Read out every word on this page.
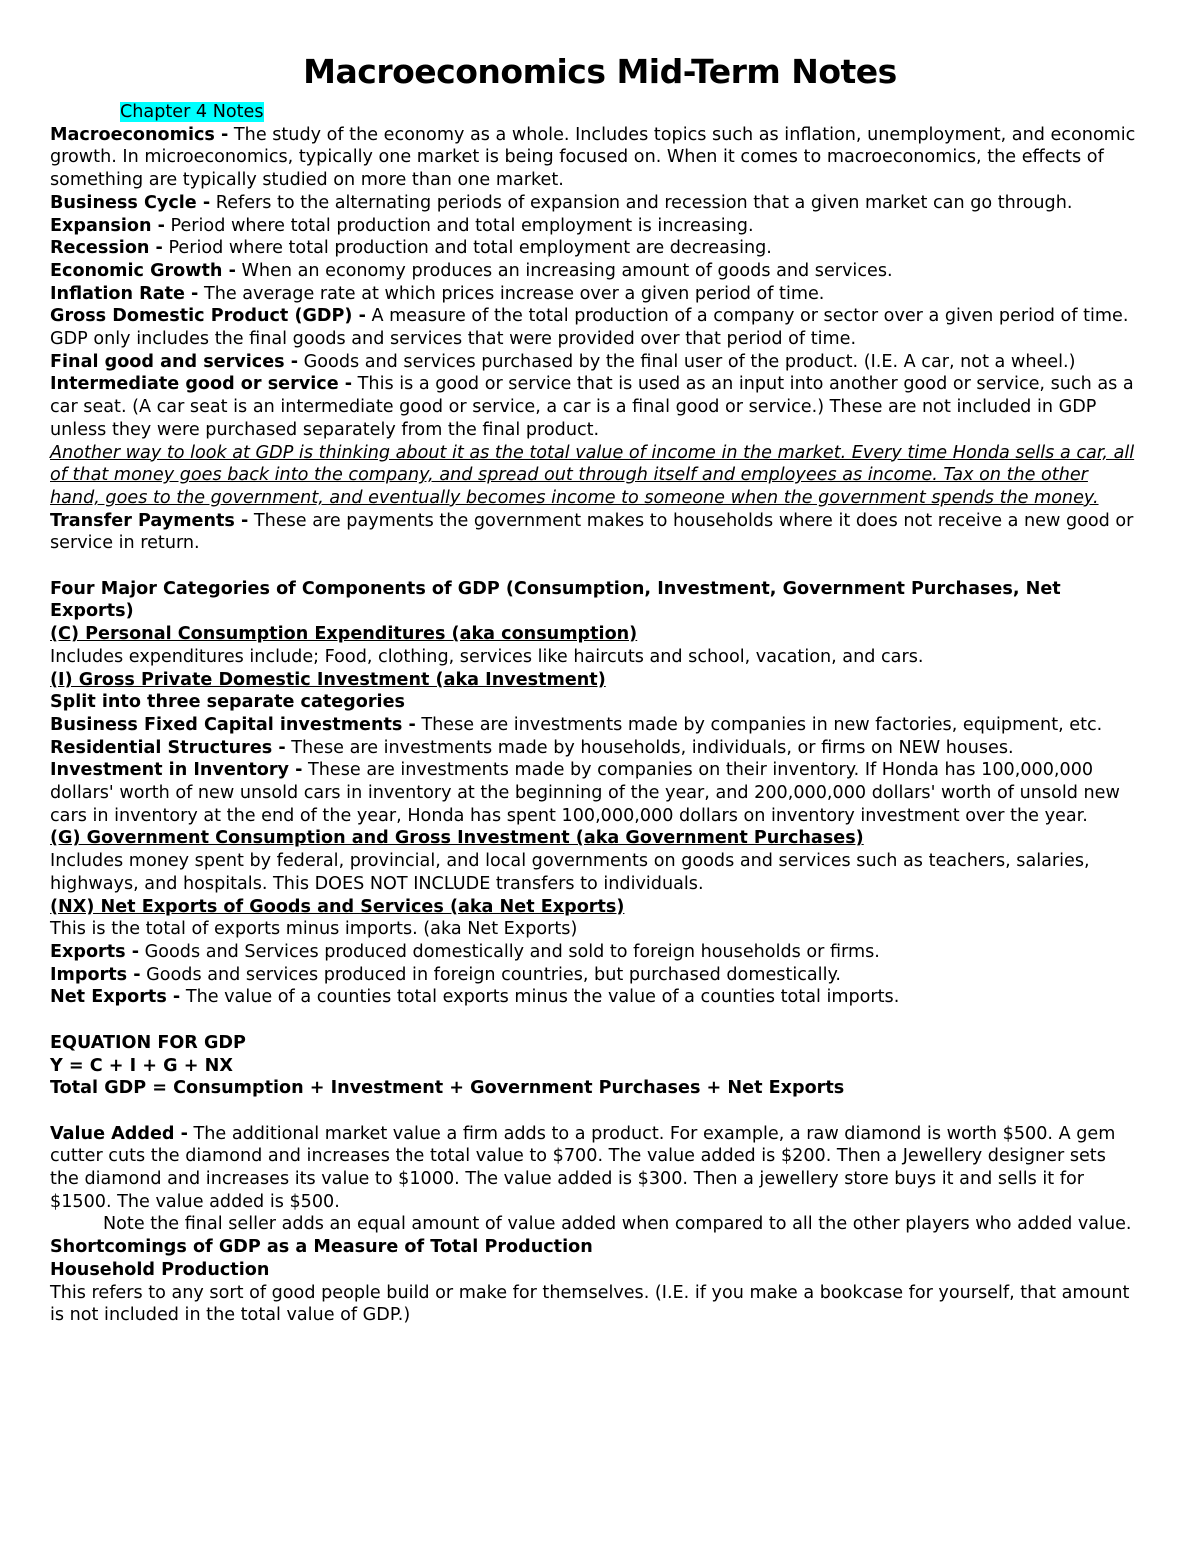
Macroeconomics Mid-Term Notes

Chapter 4 Notes

Macroeconomics - The study of the economy as a whole. Includes topics such as inflation, unemployment, and economic growth. In microeconomics, typically one market is being focused on. When it comes to macroeconomics, the effects of something are typically studied on more than one market.

Business Cycle - Refers to the alternating periods of expansion and recession that a given market can go through.

Expansion - Period where total production and total employment is increasing.

Recession - Period where total production and total employment are decreasing.

Economic Growth - When an economy produces an increasing amount of goods and services.

Inflation Rate - The average rate at which prices increase over a given period of time.

Gross Domestic Product (GDP) - A measure of the total production of a company or sector over a given period of time.

GDP only includes the final goods and services that were provided over that period of time.

Final good and services - Goods and services purchased by the final user of the product. (I.E. A car, not a wheel.)

Intermediate good or service - This is a good or service that is used as an input into another good or service, such as a car seat. (A car seat is an intermediate good or service, a car is a final good or service.) These are not included in GDP unless they were purchased separately from the final product.

Another way to look at GDP is thinking about it as the total value of income in the market. Every time Honda sells a car, all of that money goes back into the company, and spread out through itself and employees as income. Tax on the other hand, goes to the government, and eventually becomes income to someone when the government spends the money.

Transfer Payments - These are payments the government makes to households where it does not receive a new good or service in return.

Four Major Categories of Components of GDP (Consumption, Investment, Government Purchases, Net Exports)

(C) Personal Consumption Expenditures (aka consumption)

Includes expenditures include; Food, clothing, services like haircuts and school, vacation, and cars.

(I) Gross Private Domestic Investment (aka Investment)

Split into three separate categories

Business Fixed Capital investments - These are investments made by companies in new factories, equipment, etc.

Residential Structures - These are investments made by households, individuals, or firms on NEW houses.

Investment in Inventory - These are investments made by companies on their inventory. If Honda has 100,000,000 dollars' worth of new unsold cars in inventory at the beginning of the year, and 200,000,000 dollars' worth of unsold new cars in inventory at the end of the year, Honda has spent 100,000,000 dollars on inventory investment over the year.

(G) Government Consumption and Gross Investment (aka Government Purchases)

Includes money spent by federal, provincial, and local governments on goods and services such as teachers, salaries, highways, and hospitals. This DOES NOT INCLUDE transfers to individuals.

(NX) Net Exports of Goods and Services (aka Net Exports)

This is the total of exports minus imports. (aka Net Exports)

Exports - Goods and Services produced domestically and sold to foreign households or firms.

Imports - Goods and services produced in foreign countries, but purchased domestically.

Net Exports - The value of a counties total exports minus the value of a counties total imports.

EQUATION FOR GDP

Y = C + I + G + NX

Total GDP = Consumption + Investment + Government Purchases + Net Exports

Value Added - The additional market value a firm adds to a product. For example, a raw diamond is worth $500. A gem cutter cuts the diamond and increases the total value to $700. The value added is $200. Then a Jewellery designer sets the diamond and increases its value to $1000. The value added is $300. Then a jewellery store buys it and sells it for $1500. The value added is $500.

Note the final seller adds an equal amount of value added when compared to all the other players who added value.

Shortcomings of GDP as a Measure of Total Production

Household Production

This refers to any sort of good people build or make for themselves. (I.E. if you make a bookcase for yourself, that amount is not included in the total value of GDP.)
